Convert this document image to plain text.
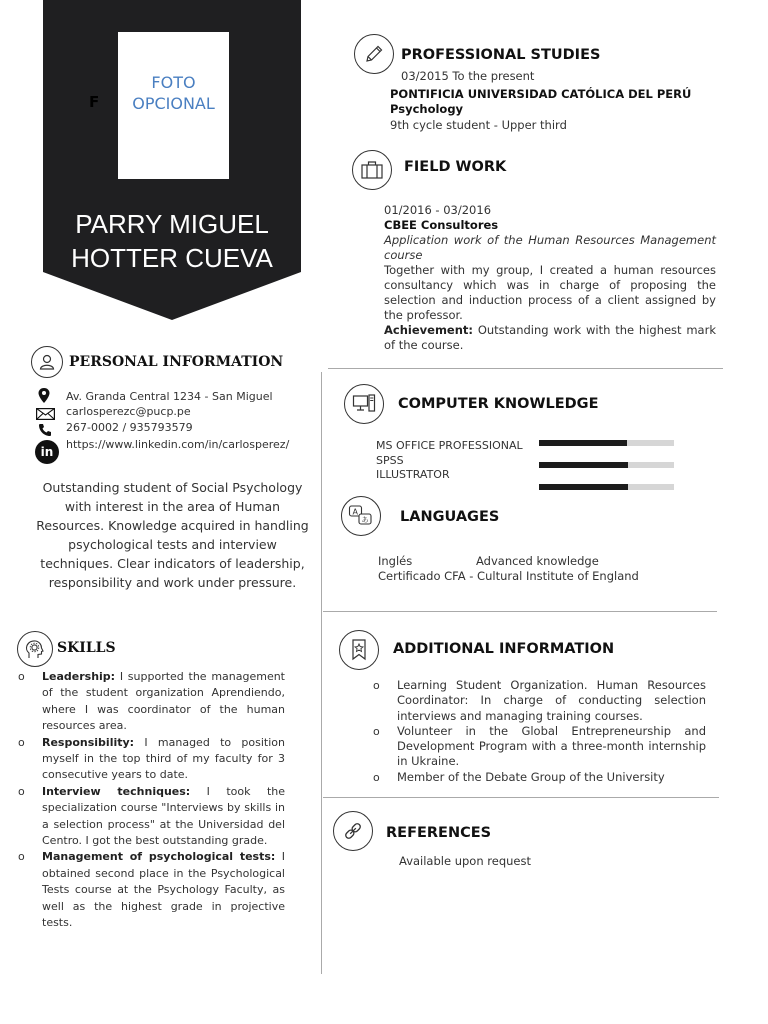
FOTO
OPCIONAL
F
PARRY MIGUEL
HOTTER CUEVA
PERSONAL INFORMATION
Av. Granda Central 1234 - San Miguel
carlosperezc@pucp.pe
267-0002 / 935793579
in
https://www.linkedin.com/in/carlosperez/
Outstanding student of Social Psychology with interest in the area of Human Resources. Knowledge acquired in handling psychological tests and interview techniques. Clear indicators of leadership, responsibility and work under pressure.
SKILLS
o Leadership: I supported the management of the student organization Aprendiendo, where I was coordinator of the human resources area.
o Responsibility: I managed to position myself in the top third of my faculty for 3 consecutive years to date.
o Interview techniques: I took the specialization course "Interviews by skills in a selection process" at the Universidad del Centro. I got the best outstanding grade.
o Management of psychological tests: I obtained second place in the Psychological Tests course at the Psychology Faculty, as well as the highest grade in projective tests.
PROFESSIONAL STUDIES
03/2015 To the present
PONTIFICIA UNIVERSIDAD CATÓLICA DEL PERÚ
Psychology
9th cycle student - Upper third
FIELD WORK
01/2016 - 03/2016
CBEE Consultores
Application work of the Human Resources Management course
Together with my group, I created a human resources consultancy which was in charge of proposing the selection and induction process of a client assigned by the professor.
Achievement: Outstanding work with the highest mark of the course.
COMPUTER KNOWLEDGE
MS OFFICE PROFESSIONAL
SPSS
ILLUSTRATOR
A
あ LANGUAGES
Inglés	Advanced knowledge
Certificado CFA - Cultural Institute of England
ADDITIONAL INFORMATION
o Learning Student Organization. Human Resources Coordinator: In charge of conducting selection interviews and managing training courses.
o Volunteer in the Global Entrepreneurship and Development Program with a three-month internship in Ukraine.
o Member of the Debate Group of the University
REFERENCES
Available upon request
